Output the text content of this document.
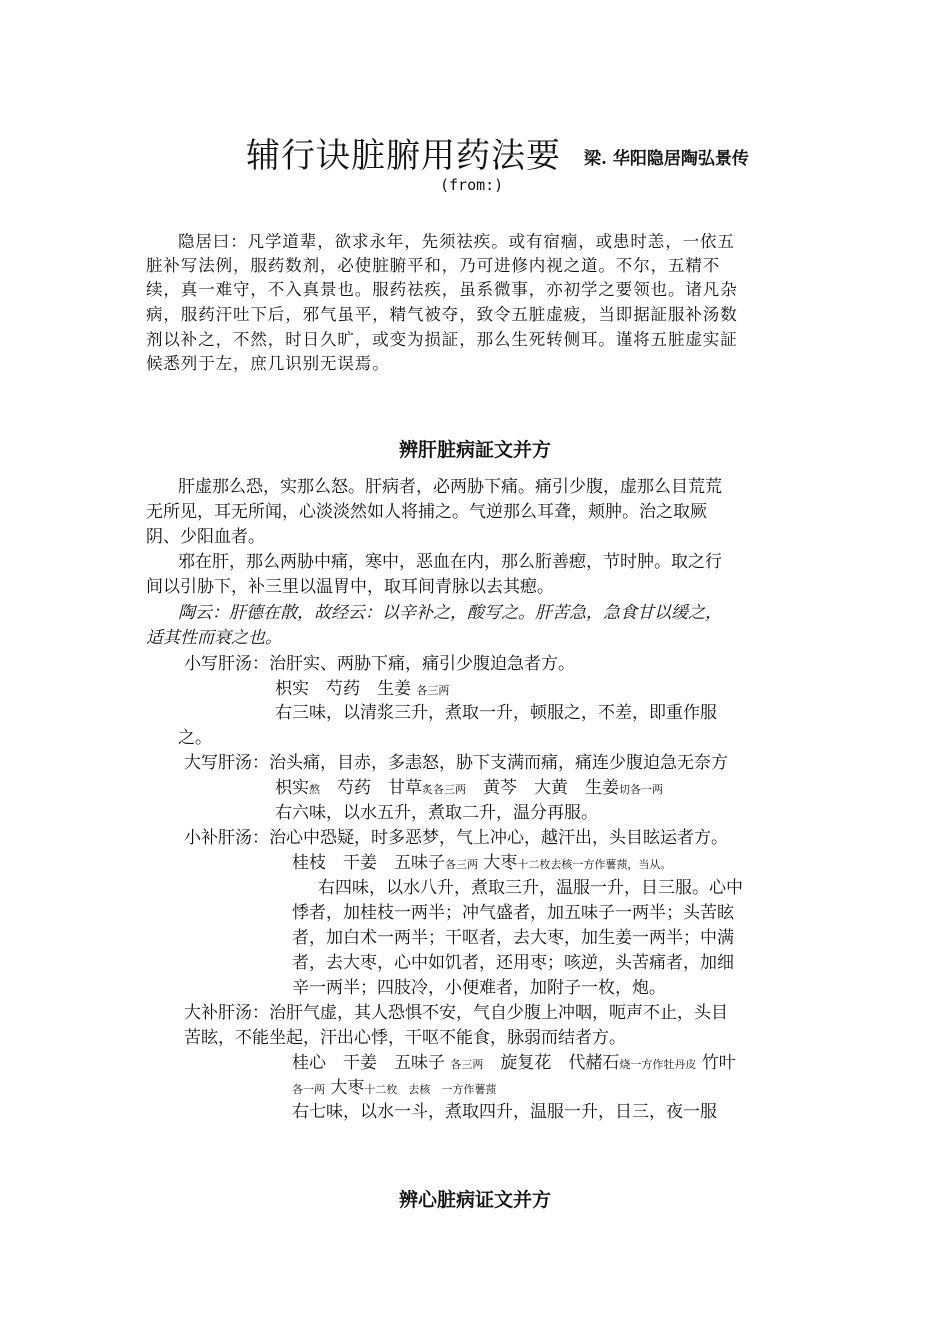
辅行诀脏腑用药法要 梁. 华阳隐居陶弘景传
(from:)
隐居曰：凡学道辈，欲求永年，先须祛疾。或有宿痼，或患时恙，一依五
脏补写法例，服药数剂，必使脏腑平和，乃可进修内视之道。不尔，五精不
续，真一难守，不入真景也。服药祛疾，虽系微事，亦初学之要领也。诸凡杂
病，服药汗吐下后，邪气虽平，精气被夺，致令五脏虚疲，当即据証服补汤数
剂以补之，不然，时日久旷，或变为损証，那么生死转侧耳。谨将五脏虚实証
候悉列于左，庶几识别无误焉。
辨肝脏病証文并方
肝虚那么恐，实那么怒。肝病者，必两胁下痛。痛引少腹，虚那么目荒荒
无所见，耳无所闻，心淡淡然如人将捕之。气逆那么耳聋，颊肿。治之取厥
阴、少阳血者。
邪在肝，那么两胁中痛，寒中，恶血在内，那么胻善瘛，节时肿。取之行
间以引胁下，补三里以温胃中，取耳间青脉以去其瘛。
陶云：肝德在散，故经云：以辛补之，酸写之。肝苦急，急食甘以缓之，
适其性而衰之也。
小写肝汤：治肝实、两胁下痛，痛引少腹迫急者方。
枳实　芍药　生姜 各三两
右三味，以清浆三升，煮取一升，顿服之，不差，即重作服
之。
大写肝汤：治头痛，目赤，多恚怒，胁下支满而痛，痛连少腹迫急无奈方
枳实熬　芍药　甘草炙各三两　黄芩　大黄　生姜切各一两
右六味，以水五升，煮取二升，温分再服。
小补肝汤：治心中恐疑，时多恶梦，气上冲心，越汗出，头目眩运者方。
桂枝　干姜　五味子各三两 大枣十二枚去核一方作薯蓣，当从。
右四味，以水八升，煮取三升，温服一升，日三服。心中
悸者，加桂枝一两半；冲气盛者，加五味子一两半；头苦眩
者，加白术一两半；干呕者，去大枣，加生姜一两半；中满
者，去大枣，心中如饥者，还用枣；咳逆，头苦痛者，加细
辛一两半；四肢冷，小便难者，加附子一枚，炮。
大补肝汤：治肝气虚，其人恐惧不安，气自少腹上冲咽，呃声不止，头目
苦眩，不能坐起，汗出心悸，干呕不能食，脉弱而结者方。
桂心　干姜　五味子 各三两　 旋复花　代赭石烧一方作牡丹皮 竹叶
各一两 大枣十二枚　去核　一方作薯蓣
右七味，以水一斗，煮取四升，温服一升，日三，夜一服
辨心脏病证文并方
